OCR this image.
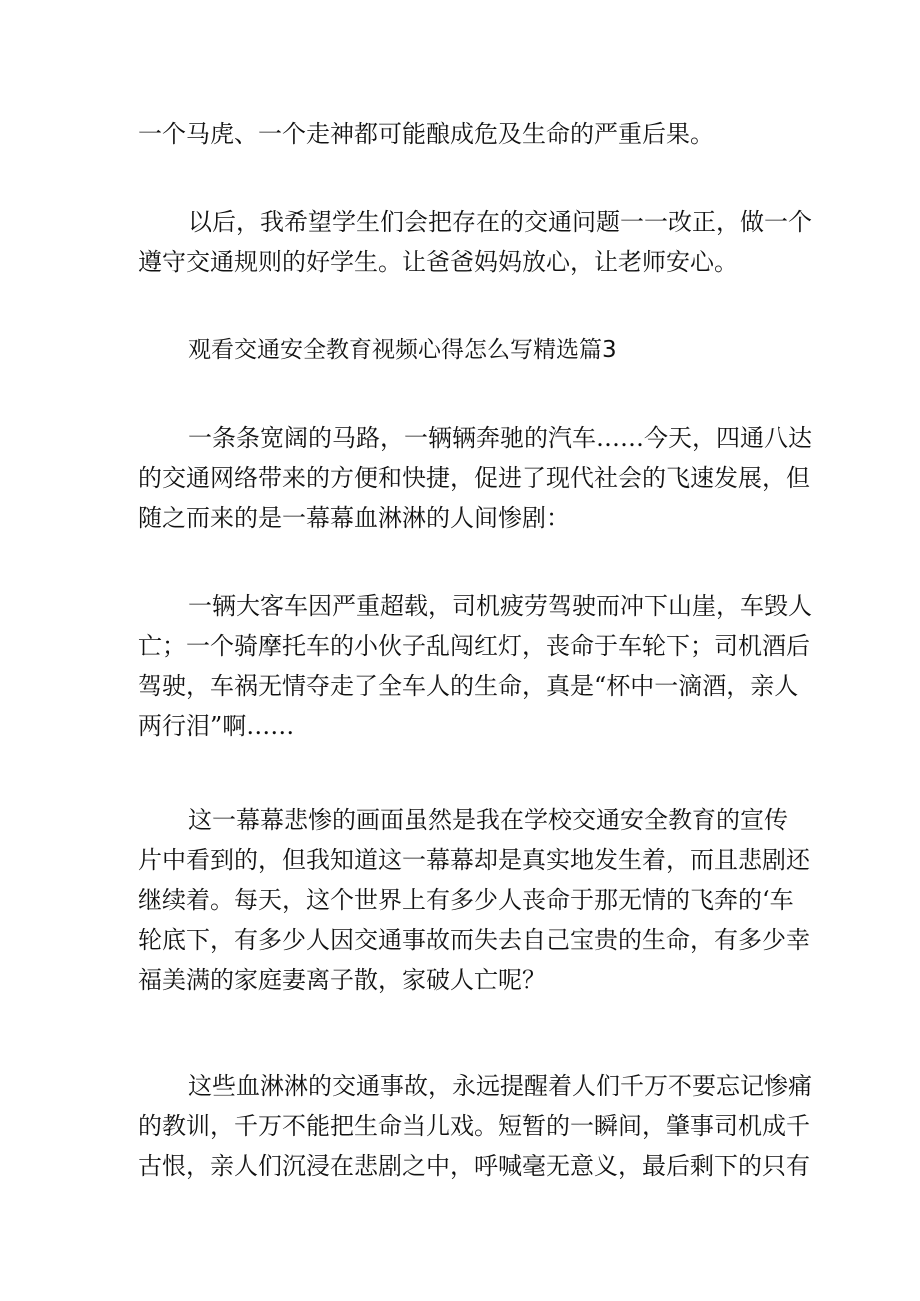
一个马虎、一个走神都可能酿成危及生命的严重后果。
以后，我希望学生们会把存在的交通问题一一改正，做一个
遵守交通规则的好学生。让爸爸妈妈放心，让老师安心。
观看交通安全教育视频心得怎么写精选篇3
一条条宽阔的马路，一辆辆奔驰的汽车……今天，四通八达
的交通网络带来的方便和快捷，促进了现代社会的飞速发展，但
随之而来的是一幕幕血淋淋的人间惨剧：
一辆大客车因严重超载，司机疲劳驾驶而冲下山崖，车毁人
亡；一个骑摩托车的小伙子乱闯红灯，丧命于车轮下；司机酒后
驾驶，车祸无情夺走了全车人的生命，真是“杯中一滴酒，亲人
两行泪”啊……
这一幕幕悲惨的画面虽然是我在学校交通安全教育的宣传
片中看到的，但我知道这一幕幕却是真实地发生着，而且悲剧还
继续着。每天，这个世界上有多少人丧命于那无情的飞奔的‘车
轮底下，有多少人因交通事故而失去自己宝贵的生命，有多少幸
福美满的家庭妻离子散，家破人亡呢？
这些血淋淋的交通事故，永远提醒着人们千万不要忘记惨痛
的教训，千万不能把生命当儿戏。短暂的一瞬间，肇事司机成千
古恨，亲人们沉浸在悲剧之中，呼喊毫无意义，最后剩下的只有
